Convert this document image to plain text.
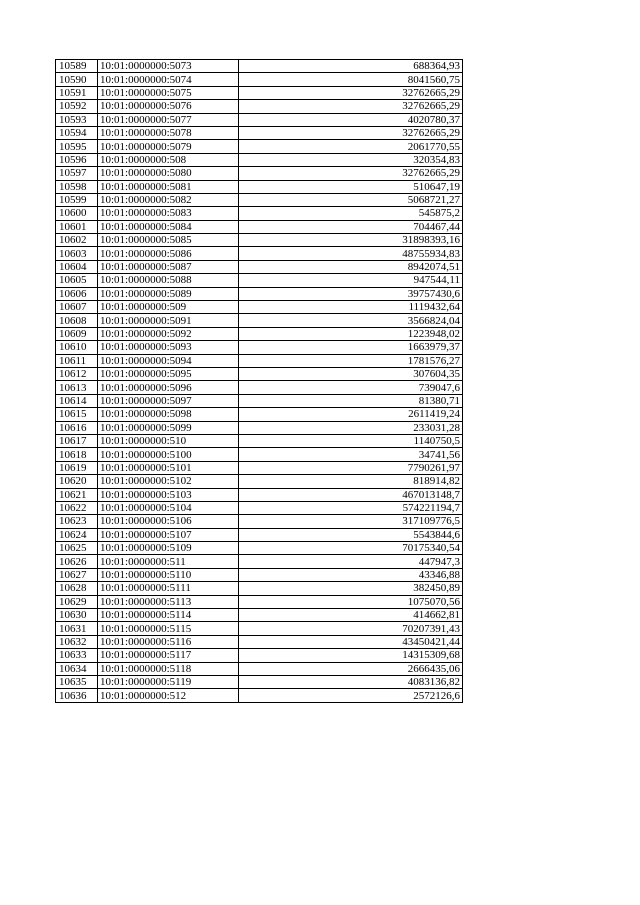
10589	10:01:0000000:5073	688364,93
10590	10:01:0000000:5074	8041560,75
10591	10:01:0000000:5075	32762665,29
10592	10:01:0000000:5076	32762665,29
10593	10:01:0000000:5077	4020780,37
10594	10:01:0000000:5078	32762665,29
10595	10:01:0000000:5079	2061770,55
10596	10:01:0000000:508	320354,83
10597	10:01:0000000:5080	32762665,29
10598	10:01:0000000:5081	510647,19
10599	10:01:0000000:5082	5068721,27
10600	10:01:0000000:5083	545875,2
10601	10:01:0000000:5084	704467,44
10602	10:01:0000000:5085	31898393,16
10603	10:01:0000000:5086	48755934,83
10604	10:01:0000000:5087	8942074,51
10605	10:01:0000000:5088	947544,11
10606	10:01:0000000:5089	39757430,6
10607	10:01:0000000:509	1119432,64
10608	10:01:0000000:5091	3566824,04
10609	10:01:0000000:5092	1223948,02
10610	10:01:0000000:5093	1663979,37
10611	10:01:0000000:5094	1781576,27
10612	10:01:0000000:5095	307604,35
10613	10:01:0000000:5096	739047,6
10614	10:01:0000000:5097	81380,71
10615	10:01:0000000:5098	2611419,24
10616	10:01:0000000:5099	233031,28
10617	10:01:0000000:510	1140750,5
10618	10:01:0000000:5100	34741,56
10619	10:01:0000000:5101	7790261,97
10620	10:01:0000000:5102	818914,82
10621	10:01:0000000:5103	467013148,7
10622	10:01:0000000:5104	574221194,7
10623	10:01:0000000:5106	317109776,5
10624	10:01:0000000:5107	5543844,6
10625	10:01:0000000:5109	70175340,54
10626	10:01:0000000:511	447947,3
10627	10:01:0000000:5110	43346,88
10628	10:01:0000000:5111	382450,89
10629	10:01:0000000:5113	1075070,56
10630	10:01:0000000:5114	414662,81
10631	10:01:0000000:5115	70207391,43
10632	10:01:0000000:5116	43450421,44
10633	10:01:0000000:5117	14315309,68
10634	10:01:0000000:5118	2666435,06
10635	10:01:0000000:5119	4083136,82
10636	10:01:0000000:512	2572126,6
